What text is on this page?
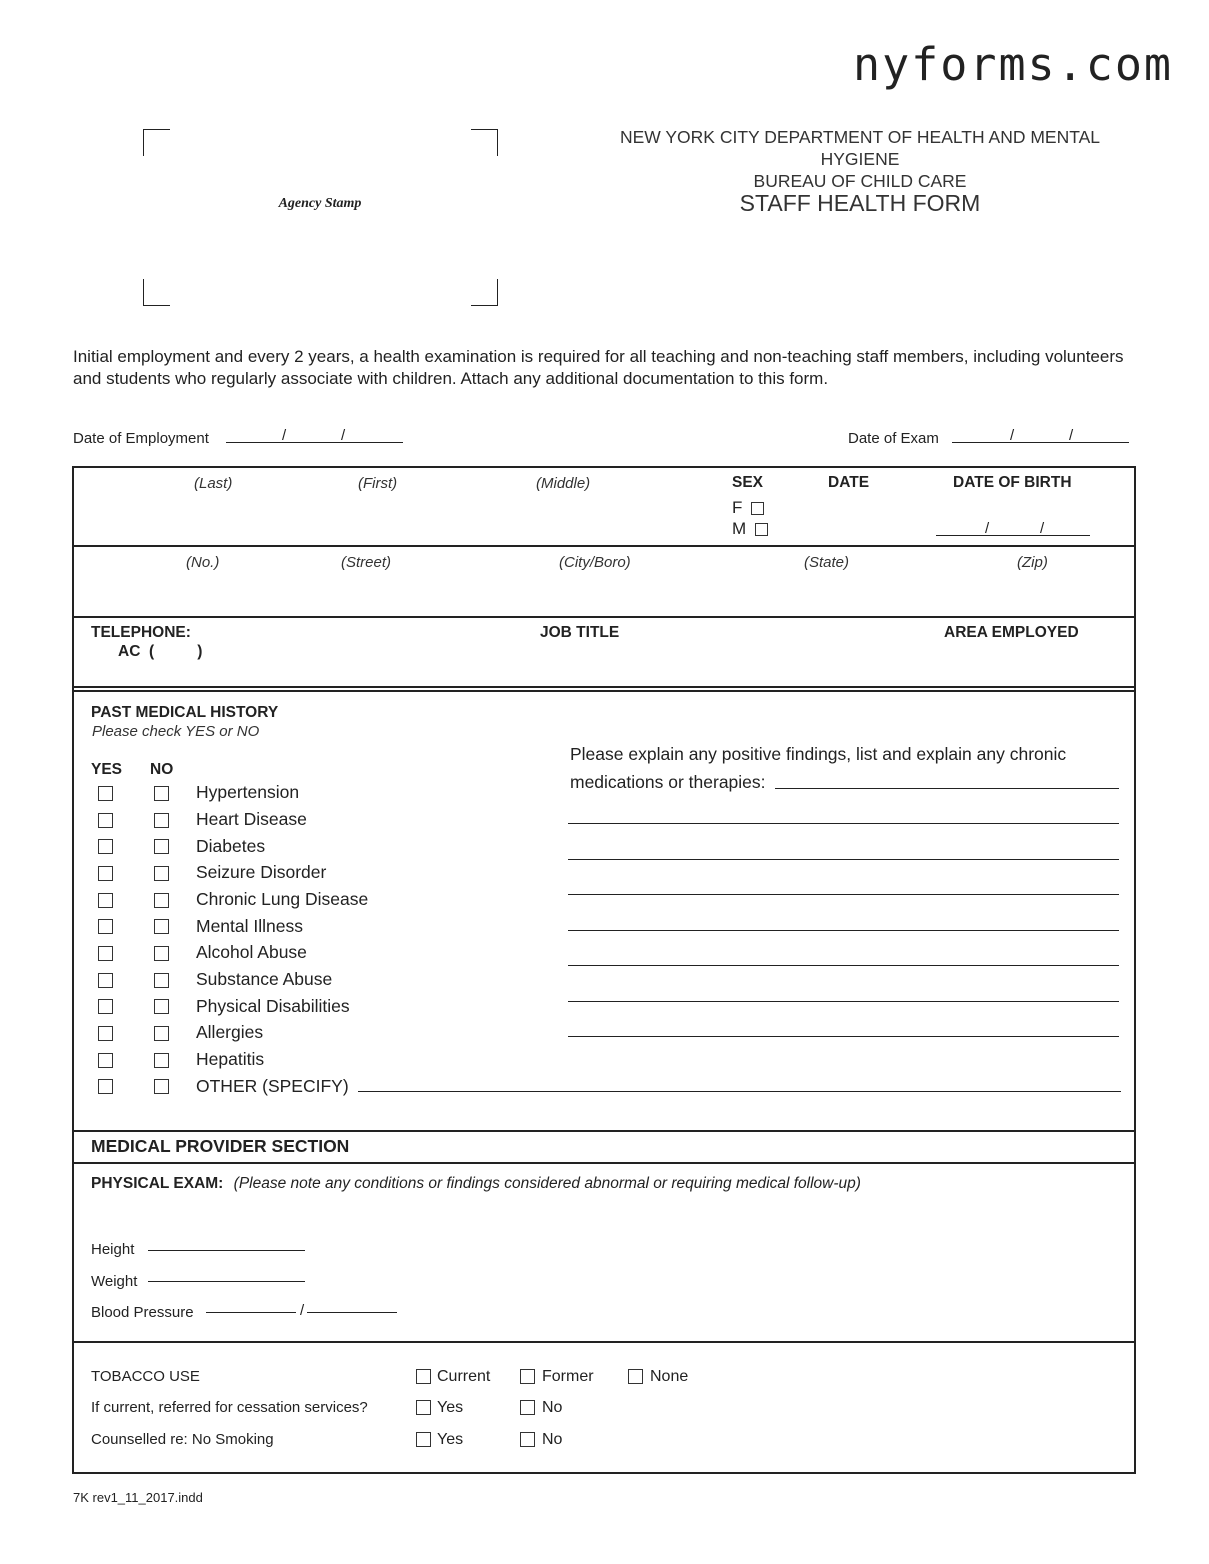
nyforms.com
Agency Stamp
NEW YORK CITY DEPARTMENT OF HEALTH AND MENTAL HYGIENE
BUREAU OF CHILD CARE
STAFF HEALTH FORM
Initial employment and every 2 years, a health examination is required for all teaching and non-teaching staff members, including volunteers and students who regularly associate with children. Attach any additional documentation to this form.
Date of Employment	/	/	Date of Exam	/	/
(Last)	(First)	(Middle)	SEX
F
M
DATE	DATE OF BIRTH
/	/
(No.)	(Street)	(City/Boro)	(State)	(Zip)
TELEPHONE:
AC  (          )
JOB TITLE	AREA EMPLOYED
PAST MEDICAL HISTORY
Please check YES or NO
YES NO
Hypertension
Heart Disease
Diabetes
Seizure Disorder
Chronic Lung Disease
Mental Illness
Alcohol Abuse
Substance Abuse
Physical Disabilities
Allergies
Hepatitis
OTHER (SPECIFY)
Please explain any positive findings, list and explain any chronic
medications or therapies:
MEDICAL PROVIDER SECTION
PHYSICAL EXAM: (Please note any conditions or findings considered abnormal or requiring medical follow-up)
Height
Weight
Blood Pressure	/
TOBACCO USE	Current	Former	None
If current, referred for cessation services?	Yes	No
Counselled re: No Smoking	Yes	No
7K rev1_11_2017.indd
